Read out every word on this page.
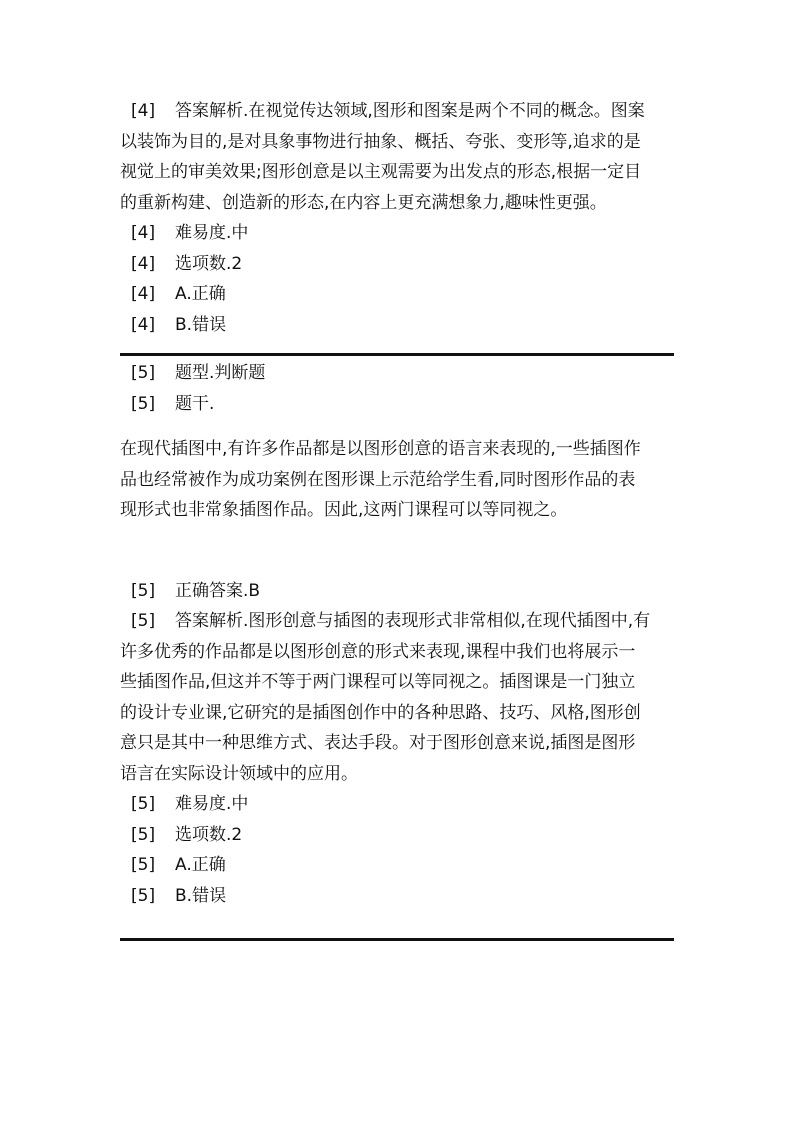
[4] 答案解析.在视觉传达领域,图形和图案是两个不同的概念。图案
以装饰为目的,是对具象事物进行抽象、概括、夸张、变形等,追求的是
视觉上的审美效果;图形创意是以主观需要为出发点的形态,根据一定目
的重新构建、创造新的形态,在内容上更充满想象力,趣味性更强。
[4] 难易度.中
[4] 选项数.2
[4] A.正确
[4] B.错误
[5] 题型.判断题
[5] 题干.
在现代插图中,有许多作品都是以图形创意的语言来表现的,一些插图作
品也经常被作为成功案例在图形课上示范给学生看,同时图形作品的表
现形式也非常象插图作品。因此,这两门课程可以等同视之。
[5] 正确答案.B
[5] 答案解析.图形创意与插图的表现形式非常相似,在现代插图中,有
许多优秀的作品都是以图形创意的形式来表现,课程中我们也将展示一
些插图作品,但这并不等于两门课程可以等同视之。插图课是一门独立
的设计专业课,它研究的是插图创作中的各种思路、技巧、风格,图形创
意只是其中一种思维方式、表达手段。对于图形创意来说,插图是图形
语言在实际设计领域中的应用。
[5] 难易度.中
[5] 选项数.2
[5] A.正确
[5] B.错误
